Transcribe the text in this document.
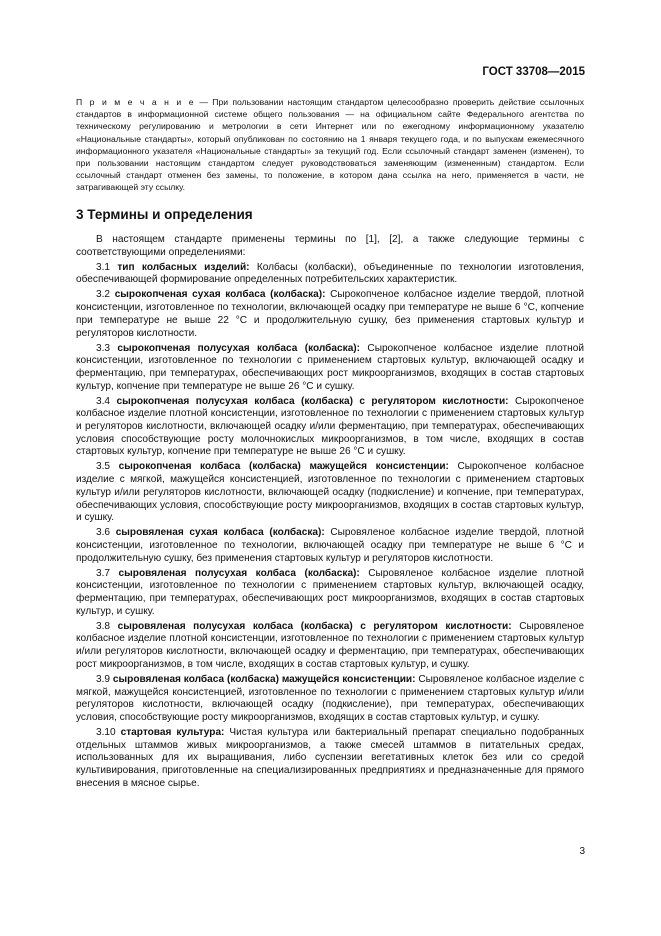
ГОСТ 33708—2015
П р и м е ч а н и е — При пользовании настоящим стандартом целесообразно проверить действие ссылочных стандартов в информационной системе общего пользования — на официальном сайте Федерального агентства по техническому регулированию и метрологии в сети Интернет или по ежегодному информационному указателю «Национальные стандарты», который опубликован по состоянию на 1 января текущего года, и по выпускам ежемесячного информационного указателя «Национальные стандарты» за текущий год. Если ссылочный стандарт заменен (изменен), то при пользовании настоящим стандартом следует руководствоваться заменяющим (измененным) стандартом. Если ссылочный стандарт отменен без замены, то положение, в котором дана ссылка на него, применяется в части, не затрагивающей эту ссылку.
3 Термины и определения

В настоящем стандарте применены термины по [1], [2], а также следующие термины с соответствующими определениями:

3.1 тип колбасных изделий: Колбасы (колбаски), объединенные по технологии изготовления, обеспечивающей формирование определенных потребительских характеристик.

3.2 сырокопченая сухая колбаса (колбаска): Сырокопченое колбасное изделие твердой, плотной консистенции, изготовленное по технологии, включающей осадку при температуре не выше 6 °С, копчение при температуре не выше 22 °С и продолжительную сушку, без применения стартовых культур и регуляторов кислотности.

3.3 сырокопченая полусухая колбаса (колбаска): Сырокопченое колбасное изделие плотной консистенции, изготовленное по технологии с применением стартовых культур, включающей осадку и ферментацию, при температурах, обеспечивающих рост микроорганизмов, входящих в состав стартовых культур, копчение при температуре не выше 26 °С и сушку.

3.4 сырокопченая полусухая колбаса (колбаска) с регулятором кислотности: Сырокопченое колбасное изделие плотной консистенции, изготовленное по технологии с применением стартовых культур и регуляторов кислотности, включающей осадку и/или ферментацию, при температурах, обеспечивающих условия способствующие росту молочнокислых микроорганизмов, в том числе, входящих в состав стартовых культур, копчение при температуре не выше 26 °С и сушку.

3.5 сырокопченая колбаса (колбаска) мажущейся консистенции: Сырокопченое колбасное изделие с мягкой, мажущейся консистенцией, изготовленное по технологии с применением стартовых культур и/или регуляторов кислотности, включающей осадку (подкисление) и копчение, при температурах, обеспечивающих условия, способствующие росту микроорганизмов, входящих в состав стартовых культур, и сушку.

3.6 сыровяленая сухая колбаса (колбаска): Сыровяленое колбасное изделие твердой, плотной консистенции, изготовленное по технологии, включающей осадку при температуре не выше 6 °С и продолжительную сушку, без применения стартовых культур и регуляторов кислотности.

3.7 сыровяленая полусухая колбаса (колбаска): Сыровяленое колбасное изделие плотной консистенции, изготовленное по технологии с применением стартовых культур, включающей осадку, ферментацию, при температурах, обеспечивающих рост микроорганизмов, входящих в состав стартовых культур, и сушку.

3.8 сыровяленая полусухая колбаса (колбаска) с регулятором кислотности: Сыровяленое колбасное изделие плотной консистенции, изготовленное по технологии с применением стартовых культур и/или регуляторов кислотности, включающей осадку и ферментацию, при температурах, обеспечивающих рост микроорганизмов, в том числе, входящих в состав стартовых культур, и сушку.

3.9 сыровяленая колбаса (колбаска) мажущейся консистенции: Сыровяленое колбасное изделие с мягкой, мажущейся консистенцией, изготовленное по технологии с применением стартовых культур и/или регуляторов кислотности, включающей осадку (подкисление), при температурах, обеспечивающих условия, способствующие росту микроорганизмов, входящих в состав стартовых культур, и сушку.

3.10 стартовая культура: Чистая культура или бактериальный препарат специально подобранных отдельных штаммов живых микроорганизмов, а также смесей штаммов в питательных средах, использованных для их выращивания, либо суспензии вегетативных клеток без или со средой культивирования, приготовленные на специализированных предприятиях и предназначенные для прямого внесения в мясное сырье.

3
